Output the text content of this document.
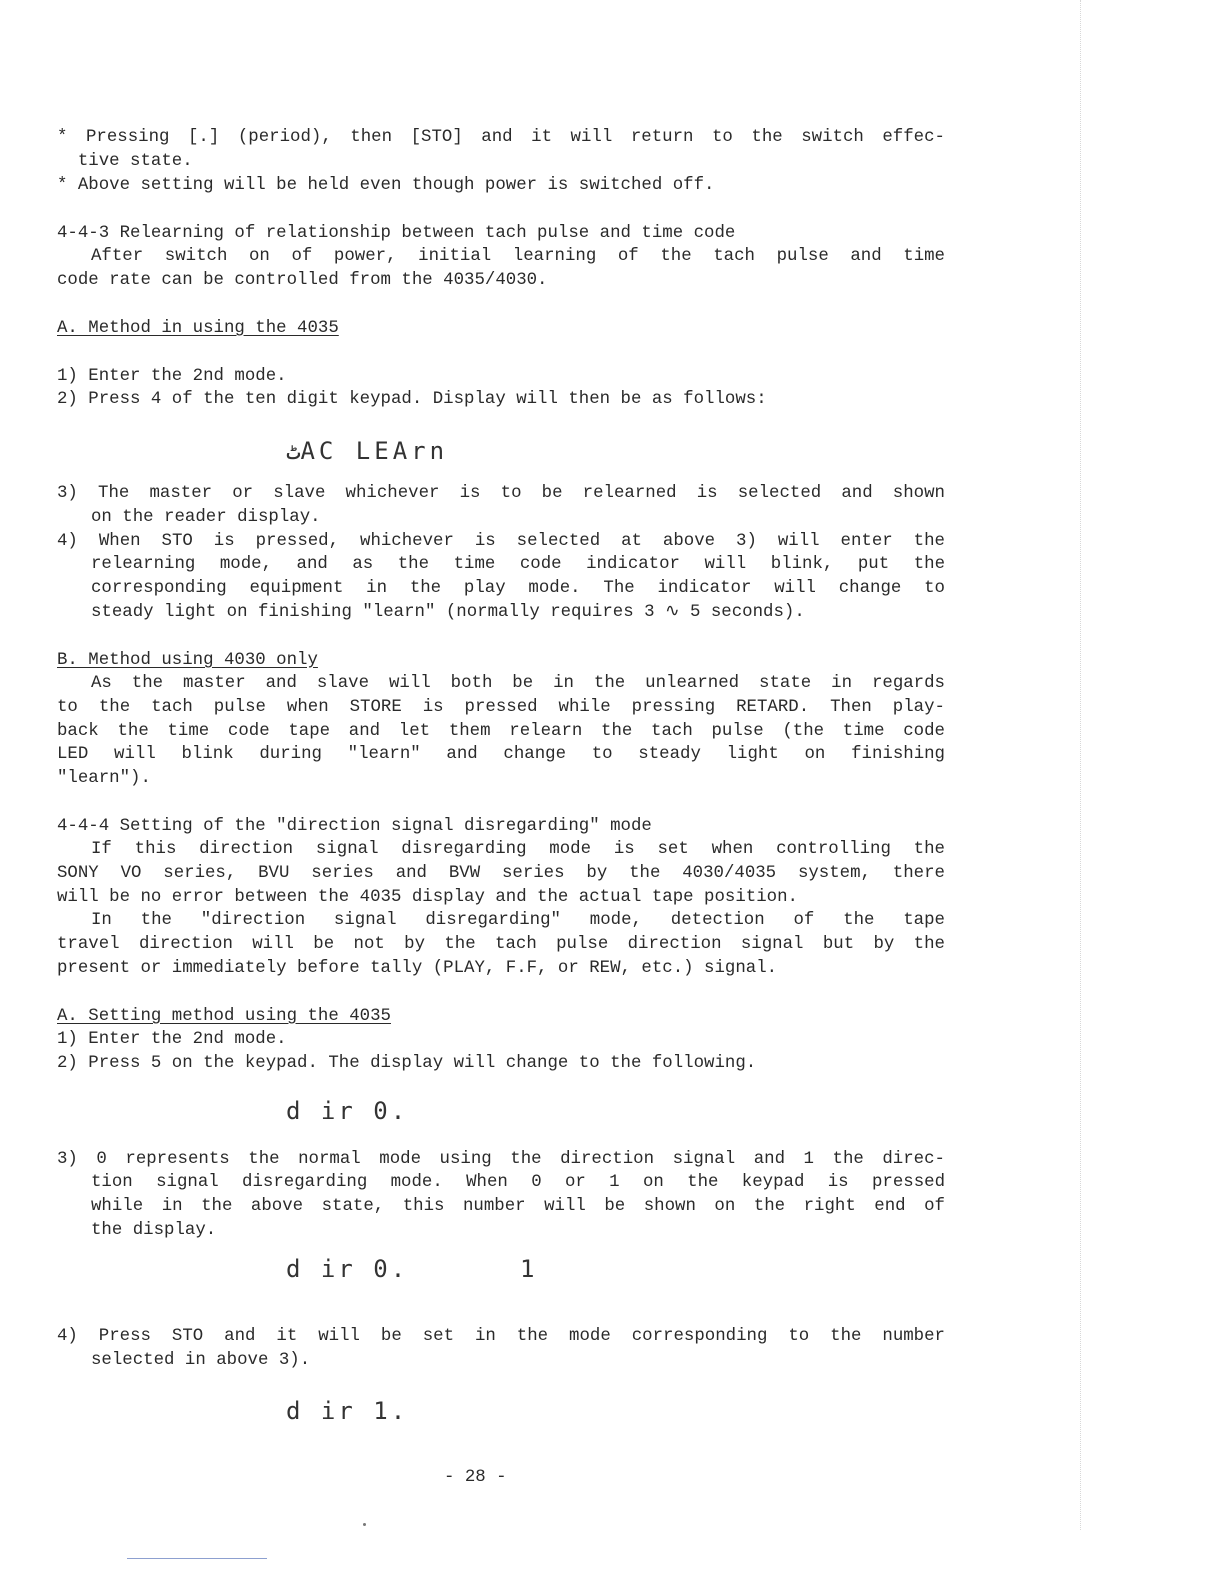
* Pressing [.] (period), then [STO] and it will return to the switch effec-

tive state.

* Above setting will be held even though power is switched off.

4-4-3 Relearning of relationship between tach pulse and time code

After switch on of power, initial learning of the tach pulse and time

code rate can be controlled from the 4035/4030.

A. Method in using the 4035

1) Enter the 2nd mode.

2) Press 4 of the ten digit keypad. Display will then be as follows:

ٹAC LEArn

3) The master or slave whichever is to be relearned is selected and shown

on the reader display.

4) When STO is pressed, whichever is selected at above 3) will enter the

relearning mode, and as the time code indicator will blink, put the

corresponding equipment in the play mode. The indicator will change to

steady light on finishing "learn" (normally requires 3 ∿ 5 seconds).

B. Method using 4030 only

As the master and slave will both be in the unlearned state in regards

to the tach pulse when STORE is pressed while pressing RETARD. Then play-

back the time code tape and let them relearn the tach pulse (the time code

LED will blink during "learn" and change to steady light on finishing

"learn").

4-4-4 Setting of the "direction signal disregarding" mode

If this direction signal disregarding mode is set when controlling the

SONY VO series, BVU series and BVW series by the 4030/4035 system, there

will be no error between the 4035 display and the actual tape position.

In the "direction signal disregarding" mode, detection of the tape

travel direction will be not by the tach pulse direction signal but by the

present or immediately before tally (PLAY, F.F, or REW, etc.) signal.

A. Setting method using the 4035

1) Enter the 2nd mode.

2) Press 5 on the keypad. The display will change to the following.

d ir 0.

3) 0 represents the normal mode using the direction signal and 1 the direc-

tion signal disregarding mode. When 0 or 1 on the keypad is pressed

while in the above state, this number will be shown on the right end of

the display.

d ir 0.	1

4) Press STO and it will be set in the mode corresponding to the number

selected in above 3).

d ir 1.

- 28 -
